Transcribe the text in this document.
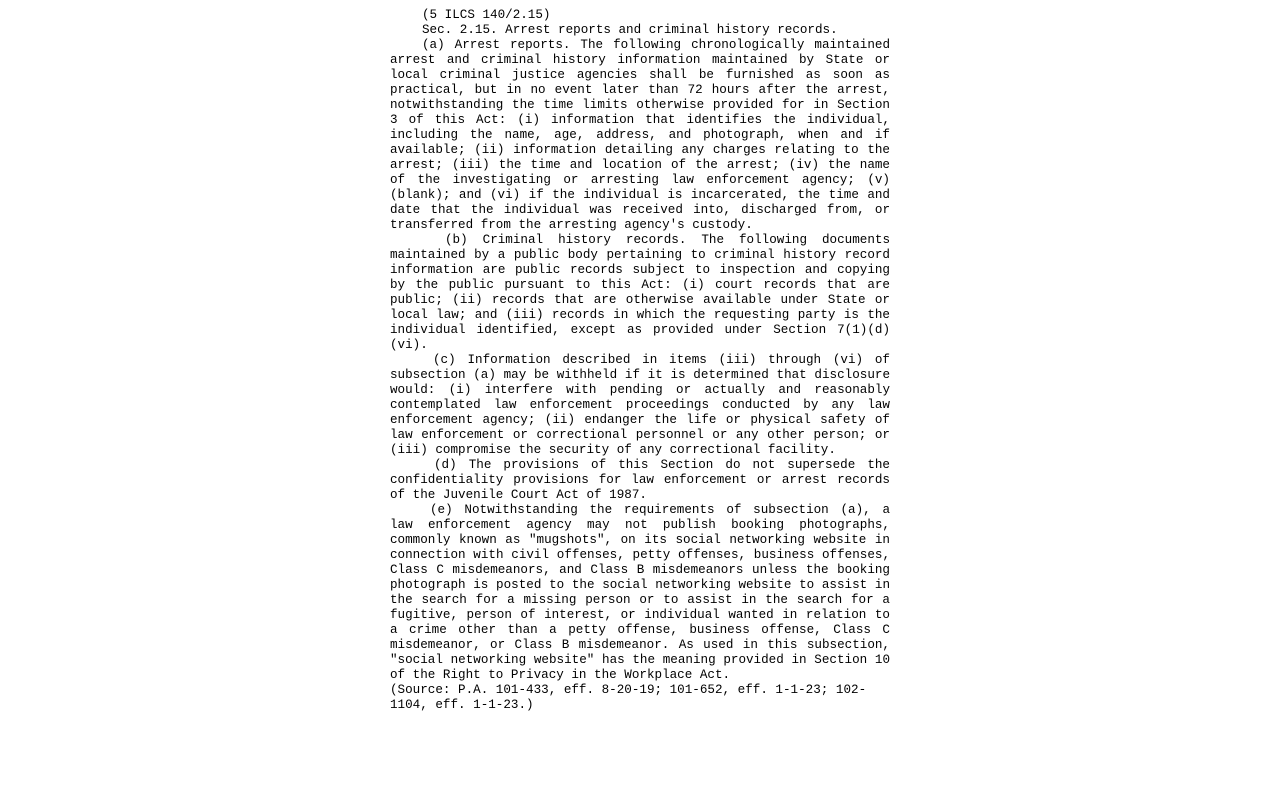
(5 ILCS 140/2.15)

Sec. 2.15. Arrest reports and criminal history records.

(a) Arrest reports. The following chronologically maintained arrest and criminal history information maintained by State or local criminal justice agencies shall be furnished as soon as practical, but in no event later than 72 hours after the arrest, notwithstanding the time limits otherwise provided for in Section 3 of this Act: (i) information that identifies the individual, including the name, age, address, and photograph, when and if available; (ii) information detailing any charges relating to the arrest; (iii) the time and location of the arrest; (iv) the name of the investigating or arresting law enforcement agency; (v) (blank); and (vi) if the individual is incarcerated, the time and date that the individual was received into, discharged from, or transferred from the arresting agency's custody.

(b) Criminal history records. The following documents maintained by a public body pertaining to criminal history record information are public records subject to inspection and copying by the public pursuant to this Act: (i) court records that are public; (ii) records that are otherwise available under State or local law; and (iii) records in which the requesting party is the individual identified, except as provided under Section 7(1)(d)(vi).

(c) Information described in items (iii) through (vi) of subsection (a) may be withheld if it is determined that disclosure would: (i) interfere with pending or actually and reasonably contemplated law enforcement proceedings conducted by any law enforcement agency; (ii) endanger the life or physical safety of law enforcement or correctional personnel or any other person; or (iii) compromise the security of any correctional facility.

(d) The provisions of this Section do not supersede the confidentiality provisions for law enforcement or arrest records of the Juvenile Court Act of 1987.

(e) Notwithstanding the requirements of subsection (a), a law enforcement agency may not publish booking photographs, commonly known as "mugshots", on its social networking website in connection with civil offenses, petty offenses, business offenses, Class C misdemeanors, and Class B misdemeanors unless the booking photograph is posted to the social networking website to assist in the search for a missing person or to assist in the search for a fugitive, person of interest, or individual wanted in relation to a crime other than a petty offense, business offense, Class C misdemeanor, or Class B misdemeanor. As used in this subsection, "social networking website" has the meaning provided in Section 10 of the Right to Privacy in the Workplace Act.

(Source: P.A. 101-433, eff. 8-20-19; 101-652, eff. 1-1-23; 102-1104, eff. 1-1-23.)
